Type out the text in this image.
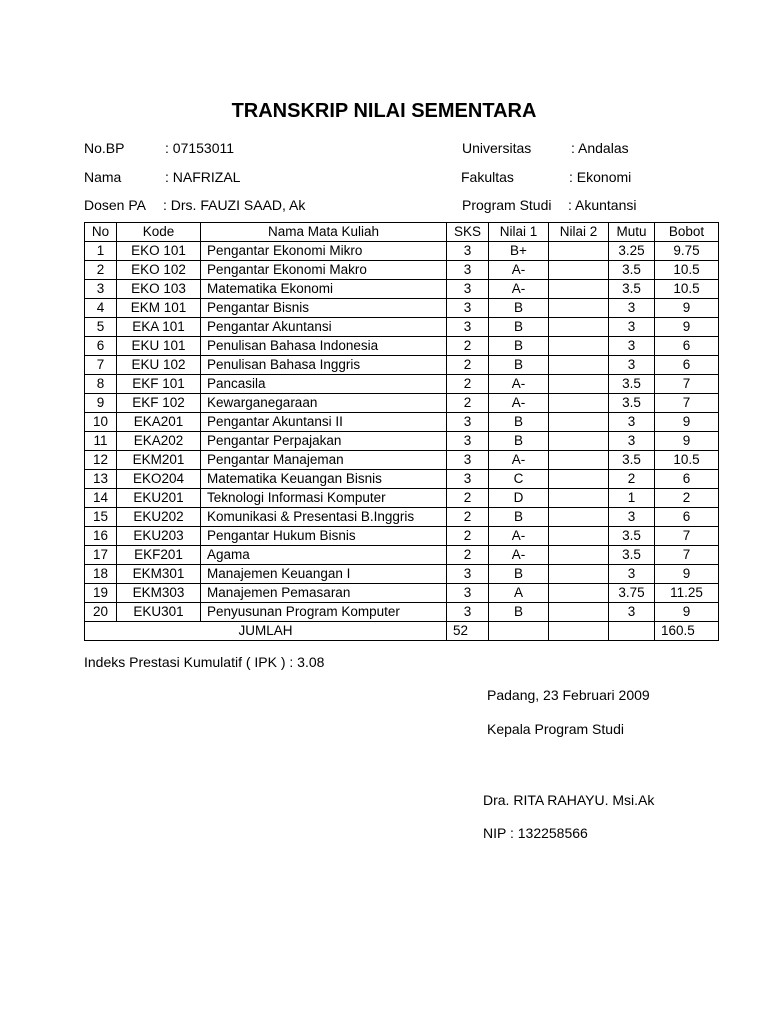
TRANSKRIP NILAI SEMENTARA
No.BP	: 07153011
Nama	: NAFRIZAL
Dosen PA : Drs. FAUZI SAAD, Ak
Universitas	: Andalas
Fakultas	: Ekonomi
Program Studi : Akuntansi
No	Kode	Nama Mata Kuliah	SKS	Nilai 1	Nilai 2	Mutu	Bobot
1	EKO 101	Pengantar Ekonomi Mikro	3	B+		3.25	9.75
2	EKO 102	Pengantar Ekonomi Makro	3	A-		3.5	10.5
3	EKO 103	Matematika Ekonomi	3	A-		3.5	10.5
4	EKM 101	Pengantar Bisnis	3	B		3	9
5	EKA 101	Pengantar Akuntansi	3	B		3	9
6	EKU 101	Penulisan Bahasa Indonesia	2	B		3	6
7	EKU 102	Penulisan Bahasa Inggris	2	B		3	6
8	EKF 101	Pancasila	2	A-		3.5	7
9	EKF 102	Kewarganegaraan	2	A-		3.5	7
10	EKA201	Pengantar Akuntansi II	3	B		3	9
11	EKA202	Pengantar Perpajakan	3	B		3	9
12	EKM201	Pengantar Manajeman	3	A-		3.5	10.5
13	EKO204	Matematika Keuangan Bisnis	3	C		2	6
14	EKU201	Teknologi Informasi Komputer	2	D		1	2
15	EKU202	Komunikasi & Presentasi B.Inggris	2	B		3	6
16	EKU203	Pengantar Hukum Bisnis	2	A-		3.5	7
17	EKF201	Agama	2	A-		3.5	7
18	EKM301	Manajemen Keuangan I	3	B		3	9
19	EKM303	Manajemen Pemasaran	3	A		3.75	11.25
20	EKU301	Penyusunan Program Komputer	3	B		3	9
JUMLAH			52				160.5
Indeks Prestasi Kumulatif ( IPK ) : 3.08
Padang, 23 Februari 2009
Kepala Program Studi
Dra. RITA RAHAYU. Msi.Ak
NIP : 132258566
